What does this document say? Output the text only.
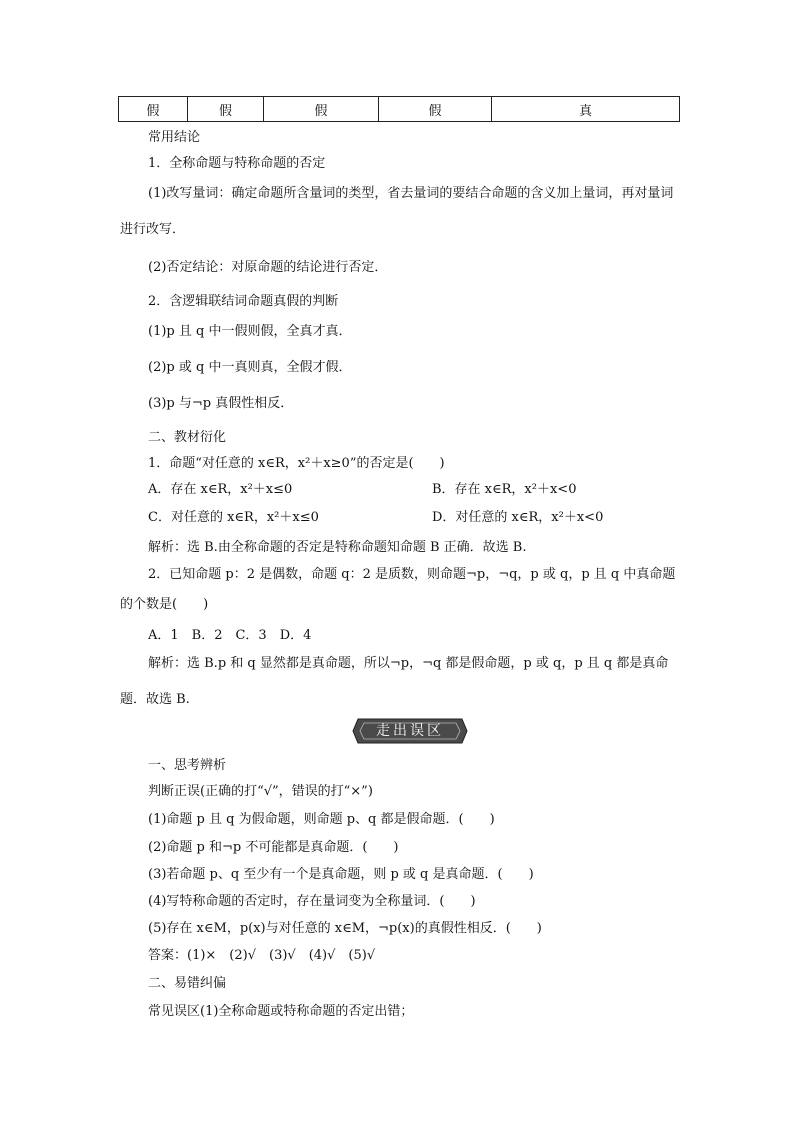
假	假	假	假	真
常用结论
1．全称命题与特称命题的否定
(1)改写量词：确定命题所含量词的类型，省去量词的要结合命题的含义加上量词，再对量词进行改写．
(2)否定结论：对原命题的结论进行否定．
2．含逻辑联结词命题真假的判断
(1)p 且 q 中一假则假，全真才真．
(2)p 或 q 中一真则真，全假才假．
(3)p 与¬p 真假性相反．
二、教材衍化
1．命题“对任意的 x∈R，x²＋x≥0”的否定是(　　)
A．存在 x∈R，x²＋x≤0	B．存在 x∈R，x²＋x<0
C．对任意的 x∈R，x²＋x≤0	D．对任意的 x∈R，x²＋x<0
解析：选 B.由全称命题的否定是特称命题知命题 B 正确．故选 B.
2．已知命题 p：2 是偶数，命题 q：2 是质数，则命题¬p，¬q，p 或 q，p 且 q 中真命题的个数是(　　)
A．1　B．2　C．3　D．4
解析：选 B.p 和 q 显然都是真命题，所以¬p，¬q 都是假命题，p 或 q，p 且 q 都是真命题．故选 B.
走出误区
一、思考辨析
判断正误(正确的打“√”，错误的打“×”)
(1)命题 p 且 q 为假命题，则命题 p、q 都是假命题．(　　)
(2)命题 p 和¬p 不可能都是真命题．(　　)
(3)若命题 p、q 至少有一个是真命题，则 p 或 q 是真命题．(　　)
(4)写特称命题的否定时，存在量词变为全称量词．(　　)
(5)存在 x∈M，p(x)与对任意的 x∈M，¬p(x)的真假性相反．(　　)
答案：(1)×　(2)√　(3)√　(4)√　(5)√
二、易错纠偏
常见误区(1)全称命题或特称命题的否定出错；
